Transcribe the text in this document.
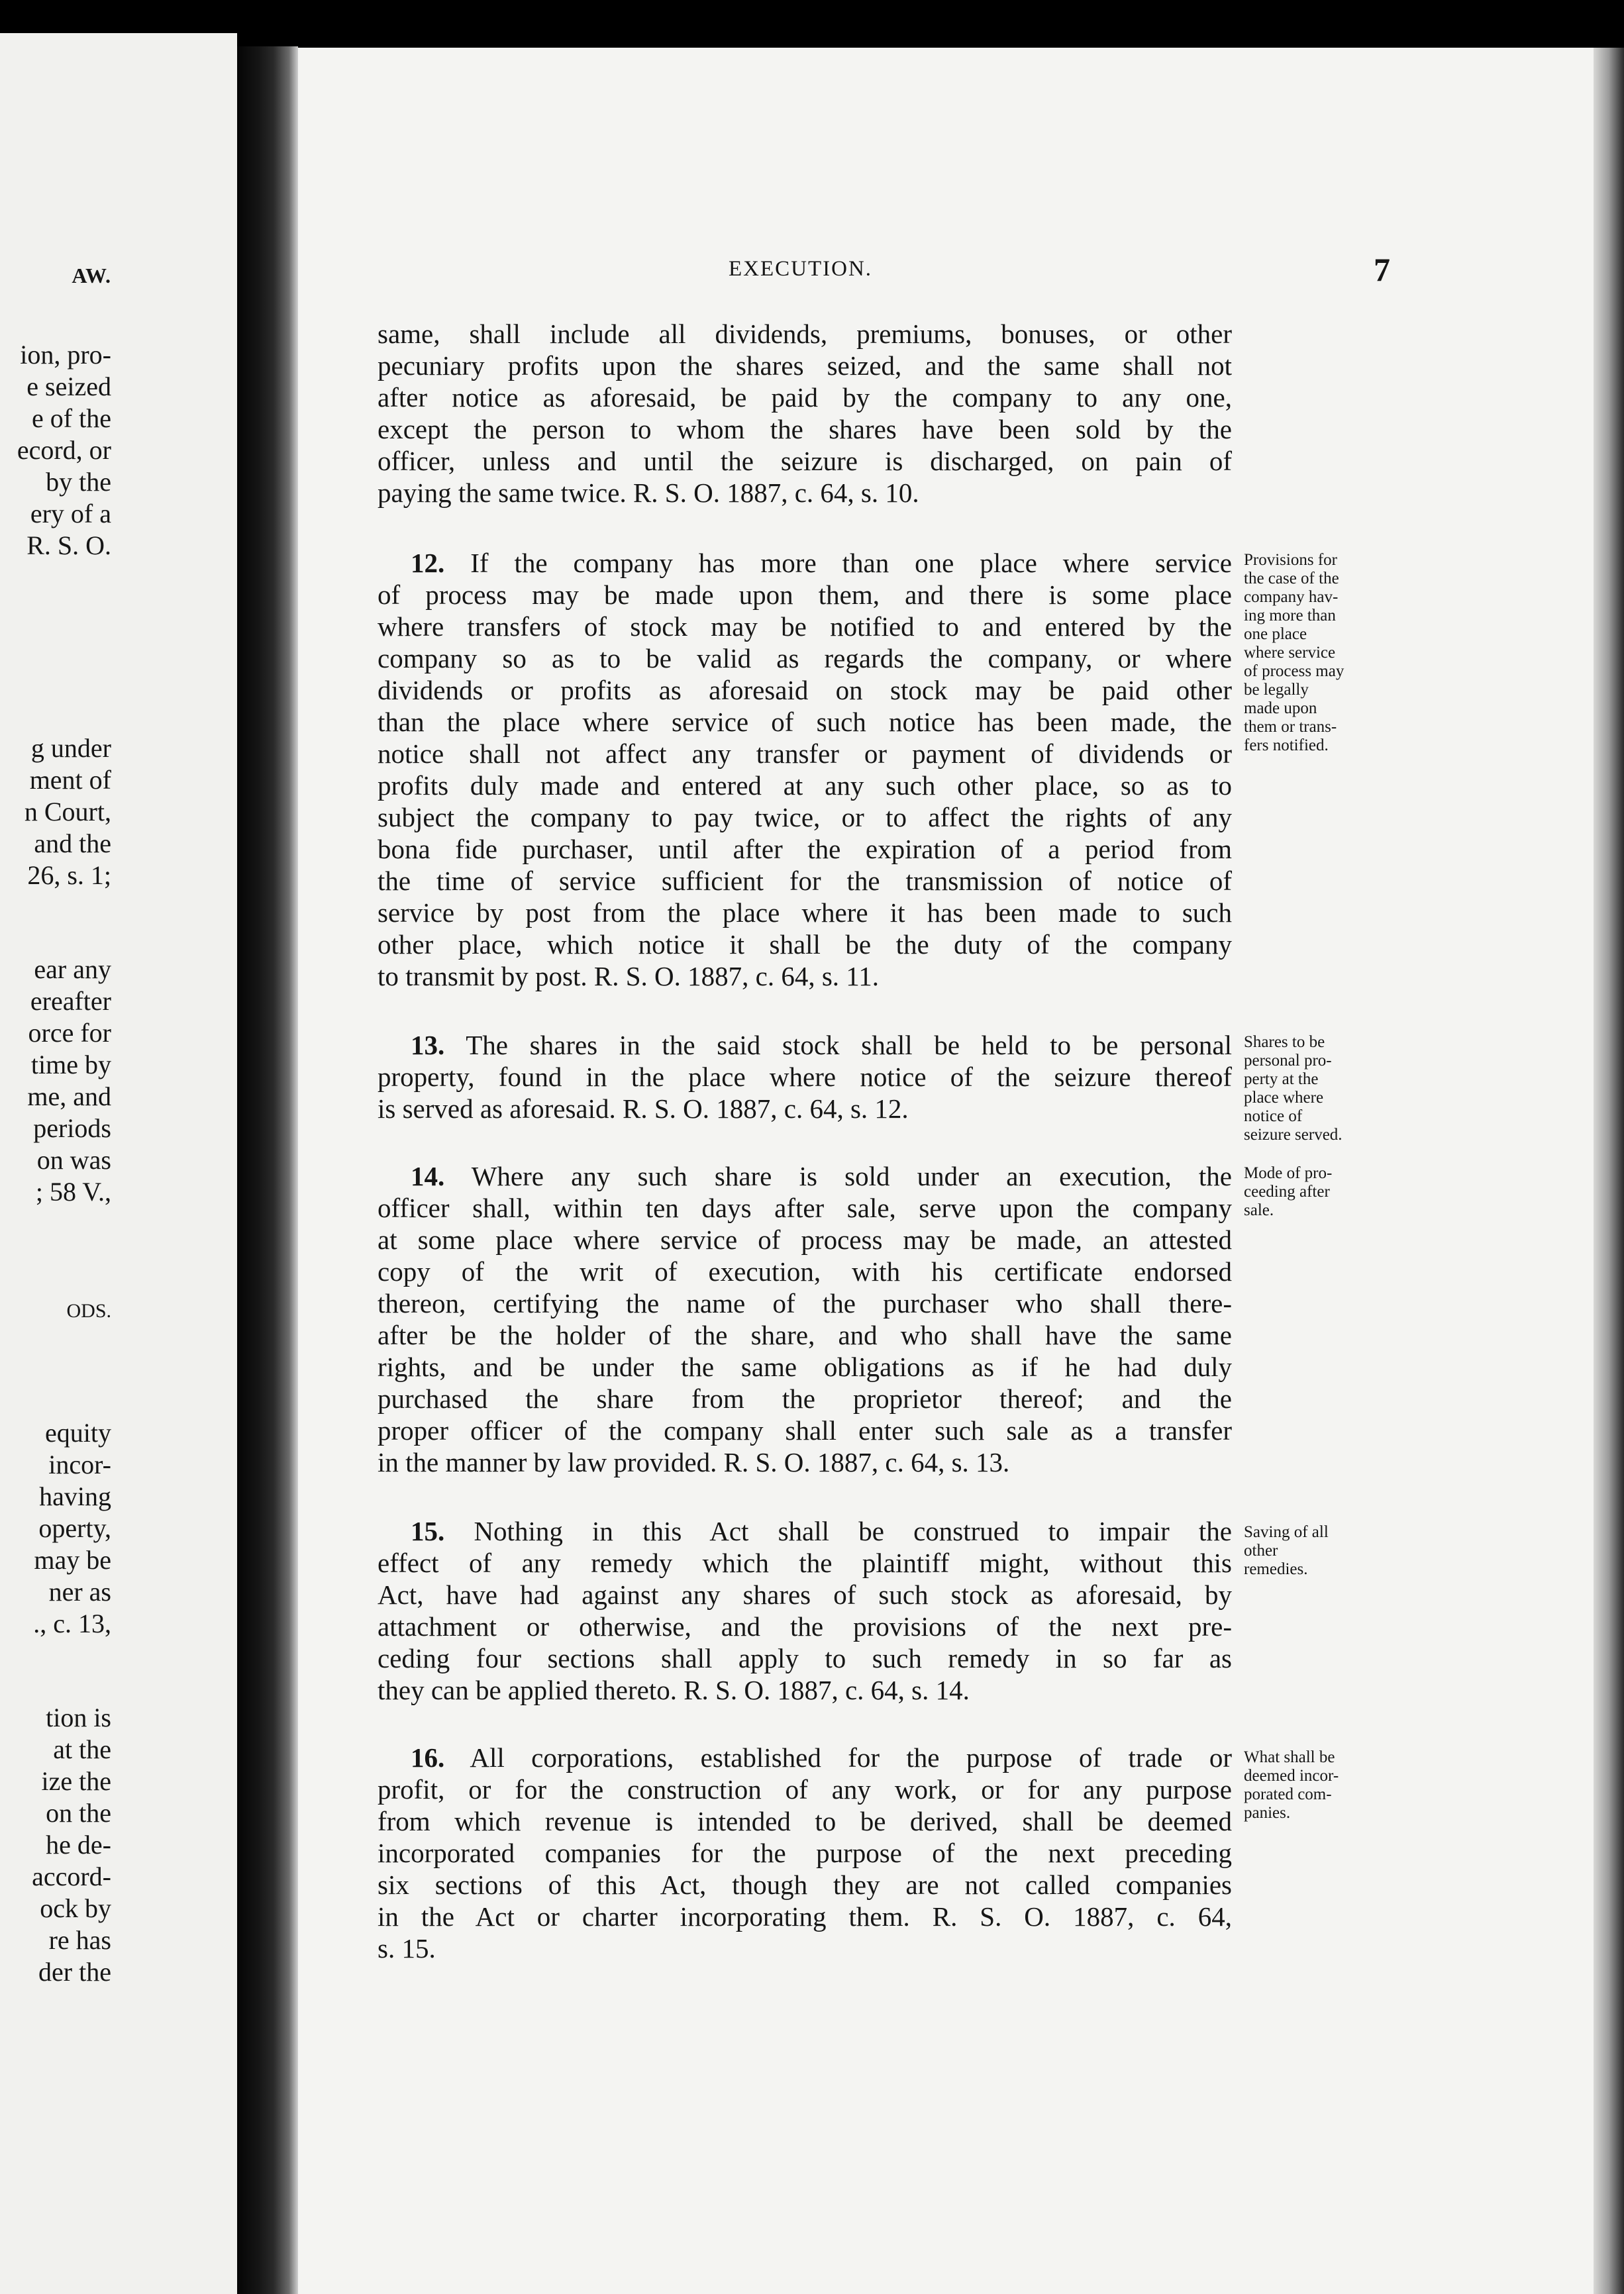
AW.
ion, pro-
e seized
e of the
ecord, or
by the
ery of a
R. S. O.
g under
ment of
n Court,
and the
26, s. 1;
ear any
ereafter
orce for
time by
me, and
periods
on was
; 58 V.,
ODS.
equity
incor-
having
operty,
may be
ner as
., c. 13,
tion is
at the
ize the
on the
he de-
accord-
ock by
re has
der the
EXECUTION.	7
same, shall include all dividends, premiums, bonuses, or other
pecuniary profits upon the shares seized, and the same shall not
after notice as aforesaid, be paid by the company to any one,
except the person to whom the shares have been sold by the
officer, unless and until the seizure is discharged, on pain of
paying the same twice. R. S. O. 1887, c. 64, s. 10.
12. If the company has more than one place where service
of process may be made upon them, and there is some place
where transfers of stock may be notified to and entered by the
company so as to be valid as regards the company, or where
dividends or profits as aforesaid on stock may be paid other
than the place where service of such notice has been made, the
notice shall not affect any transfer or payment of dividends or
profits duly made and entered at any such other place, so as to
subject the company to pay twice, or to affect the rights of any
bona fide purchaser, until after the expiration of a period from
the time of service sufficient for the transmission of notice of
service by post from the place where it has been made to such
other place, which notice it shall be the duty of the company
to transmit by post. R. S. O. 1887, c. 64, s. 11.
Provisions for
the case of the
company hav-
ing more than
one place
where service
of process may
be legally
made upon
them or trans-
fers notified.
13. The shares in the said stock shall be held to be personal
property, found in the place where notice of the seizure thereof
is served as aforesaid. R. S. O. 1887, c. 64, s. 12.
Shares to be
personal pro-
perty at the
place where
notice of
seizure served.
14. Where any such share is sold under an execution, the
officer shall, within ten days after sale, serve upon the company
at some place where service of process may be made, an attested
copy of the writ of execution, with his certificate endorsed
thereon, certifying the name of the purchaser who shall there-
after be the holder of the share, and who shall have the same
rights, and be under the same obligations as if he had duly
purchased the share from the proprietor thereof; and the
proper officer of the company shall enter such sale as a transfer
in the manner by law provided. R. S. O. 1887, c. 64, s. 13.
Mode of pro-
ceeding after
sale.
15. Nothing in this Act shall be construed to impair the
effect of any remedy which the plaintiff might, without this
Act, have had against any shares of such stock as aforesaid, by
attachment or otherwise, and the provisions of the next pre-
ceding four sections shall apply to such remedy in so far as
they can be applied thereto. R. S. O. 1887, c. 64, s. 14.
Saving of all
other
remedies.
16. All corporations, established for the purpose of trade or
profit, or for the construction of any work, or for any purpose
from which revenue is intended to be derived, shall be deemed
incorporated companies for the purpose of the next preceding
six sections of this Act, though they are not called companies
in the Act or charter incorporating them. R. S. O. 1887, c. 64,
s. 15.
What shall be
deemed incor-
porated com-
panies.
